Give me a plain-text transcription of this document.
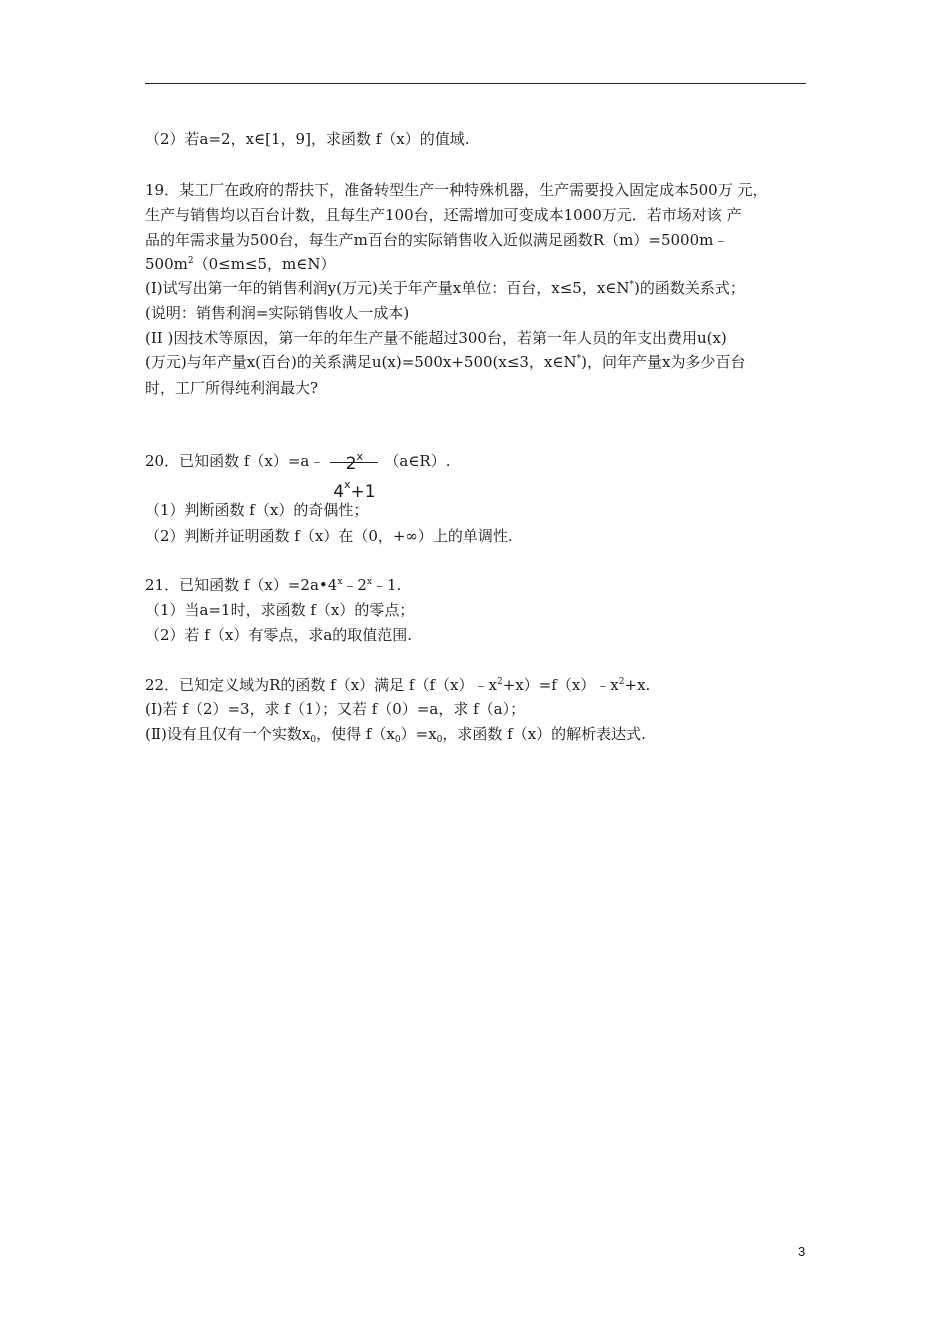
（2）若a=2，x∈[1，9]，求函数 f（x）的值域.
19．某工厂在政府的帮扶下，准备转型生产一种特殊机器，生产需要投入固定成本500万 元，
生产与销售均以百台计数，且每生产100台，还需增加可变成本1000万元．若市场对该 产
品的年需求量为500台，每生产m百台的实际销售收入近似满足函数R（m）=5000m﹣
$500m^2(0\le m\le 5$，m∈N）
(I)试写出第一年的销售利润y(万元)关于年产量x单位：百台，x≤5，x∈N*)的函数关系式；
(说明：销售利润=实际销售收人一成本)
(II )因技术等原因，第一年的年生产量不能超过300台，若第一年人员的年支出费用u(x)
(万元)与年产量x(百台)的关系满足u(x)=500x+500(x≤3，x∈N*)，问年产量x为多少百台
时，工厂所得纯利润最大?
20．已知函数 f（x）=a﹣	2$^x$
$4^x+1$
（a∈R）.
（1）判断函数 f（x）的奇偶性；
（2）判断并证明函数 f（x）在（0，+∞）上的单调性.
21．已知函数 $f(x)=2a•4^x﹣2^x﹣1$.
（1）当a=1时，求函数 f（x）的零点；
（2）若 f（x）有零点，求a的取值范围.
22．已知定义域为R的函数 f（x）满足 $f(f(x)﹣x^2+x)=f(x)﹣x^2+x$.
(I)若 f（2）=3，求 f（1）；又若 f（0）=a，求 f（a）；
(Ⅱ)设有且仅有一个实数$x_0$，使得 $f(x_0)=x_0$，求函数 f（x）的解析表达式.
3
